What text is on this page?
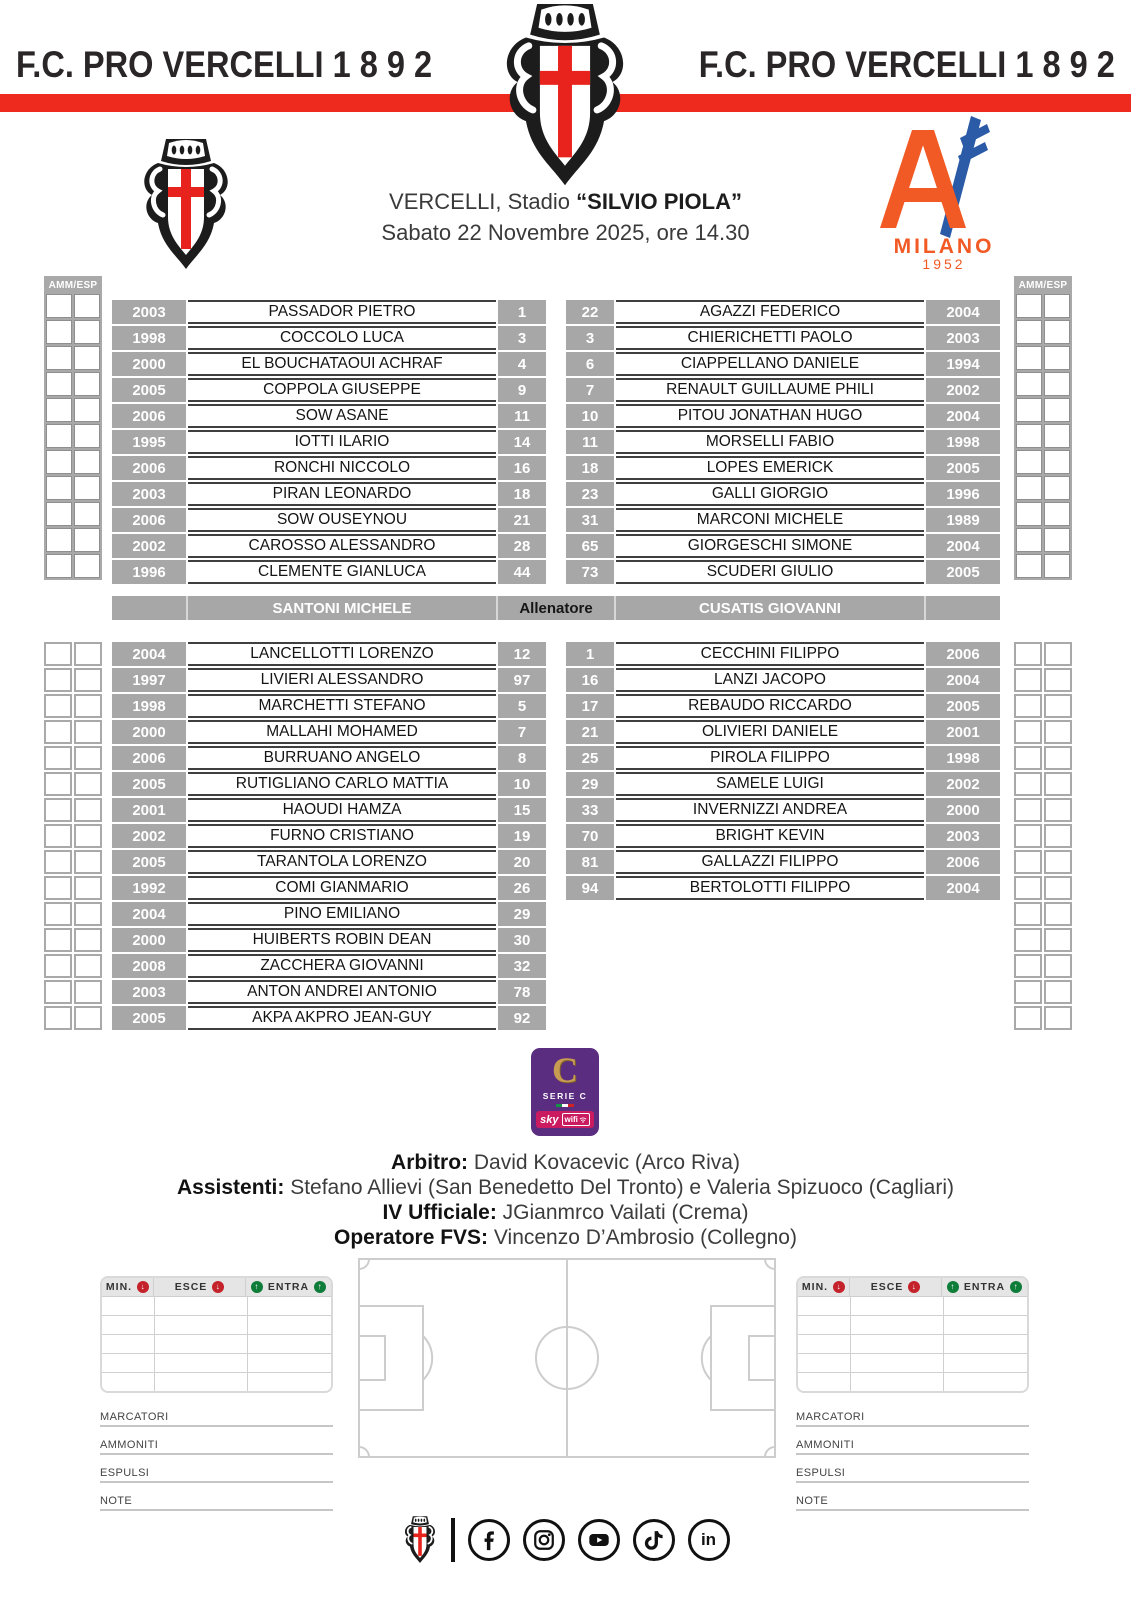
F.C. PRO VERCELLI 1 8 9 2	F.C. PRO VERCELLI 1 8 9 2
VERCELLI, Stadio “SILVIO PIOLA”
Sabato 22 Novembre 2025, ore 14.30
MILANO
1952
AMM/ESP	AMM/ESP
2003	PASSADOR PIETRO	1
1998	COCCOLO LUCA	3
2000	EL BOUCHATAOUI ACHRAF	4
2005	COPPOLA GIUSEPPE	9
2006	SOW ASANE	11
1995	IOTTI ILARIO	14
2006	RONCHI NICCOLO	16
2003	PIRAN LEONARDO	18
2006	SOW OUSEYNOU	21
2002	CAROSSO ALESSANDRO	28
1996	CLEMENTE GIANLUCA	44
22	AGAZZI FEDERICO	2004
3	CHIERICHETTI PAOLO	2003
6	CIAPPELLANO DANIELE	1994
7	RENAULT GUILLAUME PHILI	2002
10	PITOU JONATHAN HUGO	2004
11	MORSELLI FABIO	1998
18	LOPES EMERICK	2005
23	GALLI GIORGIO	1996
31	MARCONI MICHELE	1989
65	GIORGESCHI SIMONE	2004
73	SCUDERI GIULIO	2005
SANTONI MICHELE	Allenatore	CUSATIS GIOVANNI
2004	LANCELLOTTI LORENZO	12
1997	LIVIERI ALESSANDRO	97
1998	MARCHETTI STEFANO	5
2000	MALLAHI MOHAMED	7
2006	BURRUANO ANGELO	8
2005	RUTIGLIANO CARLO MATTIA	10
2001	HAOUDI HAMZA	15
2002	FURNO CRISTIANO	19
2005	TARANTOLA LORENZO	20
1992	COMI GIANMARIO	26
2004	PINO EMILIANO	29
2000	HUIBERTS ROBIN DEAN	30
2008	ZACCHERA GIOVANNI	32
2003	ANTON ANDREI ANTONIO	78
2005	AKPA AKPRO JEAN-GUY	92
1	CECCHINI FILIPPO	2006
16	LANZI JACOPO	2004
17	REBAUDO RICCARDO	2005
21	OLIVIERI DANIELE	2001
25	PIROLA FILIPPO	1998
29	SAMELE LUIGI	2002
33	INVERNIZZI ANDREA	2000
70	BRIGHT KEVIN	2003
81	GALLAZZI FILIPPO	2006
94	BERTOLOTTI FILIPPO	2004
C
SERIE C
sky wifi
Arbitro: David Kovacevic (Arco Riva)
Assistenti: Stefano Allievi (San Benedetto Del Tronto) e Valeria Spizuoco (Cagliari)
IV Ufficiale: JGianmrco Vailati (Crema)
Operatore FVS: Vincenzo D’Ambrosio (Collegno)
MIN.	↓	ESCE	↓	↑ ENTRA	↑
MARCATORI
AMMONITI
ESPULSI
NOTE
MIN.	↓	ESCE	↓	↑ ENTRA	↑
MARCATORI
AMMONITI
ESPULSI
NOTE
in
